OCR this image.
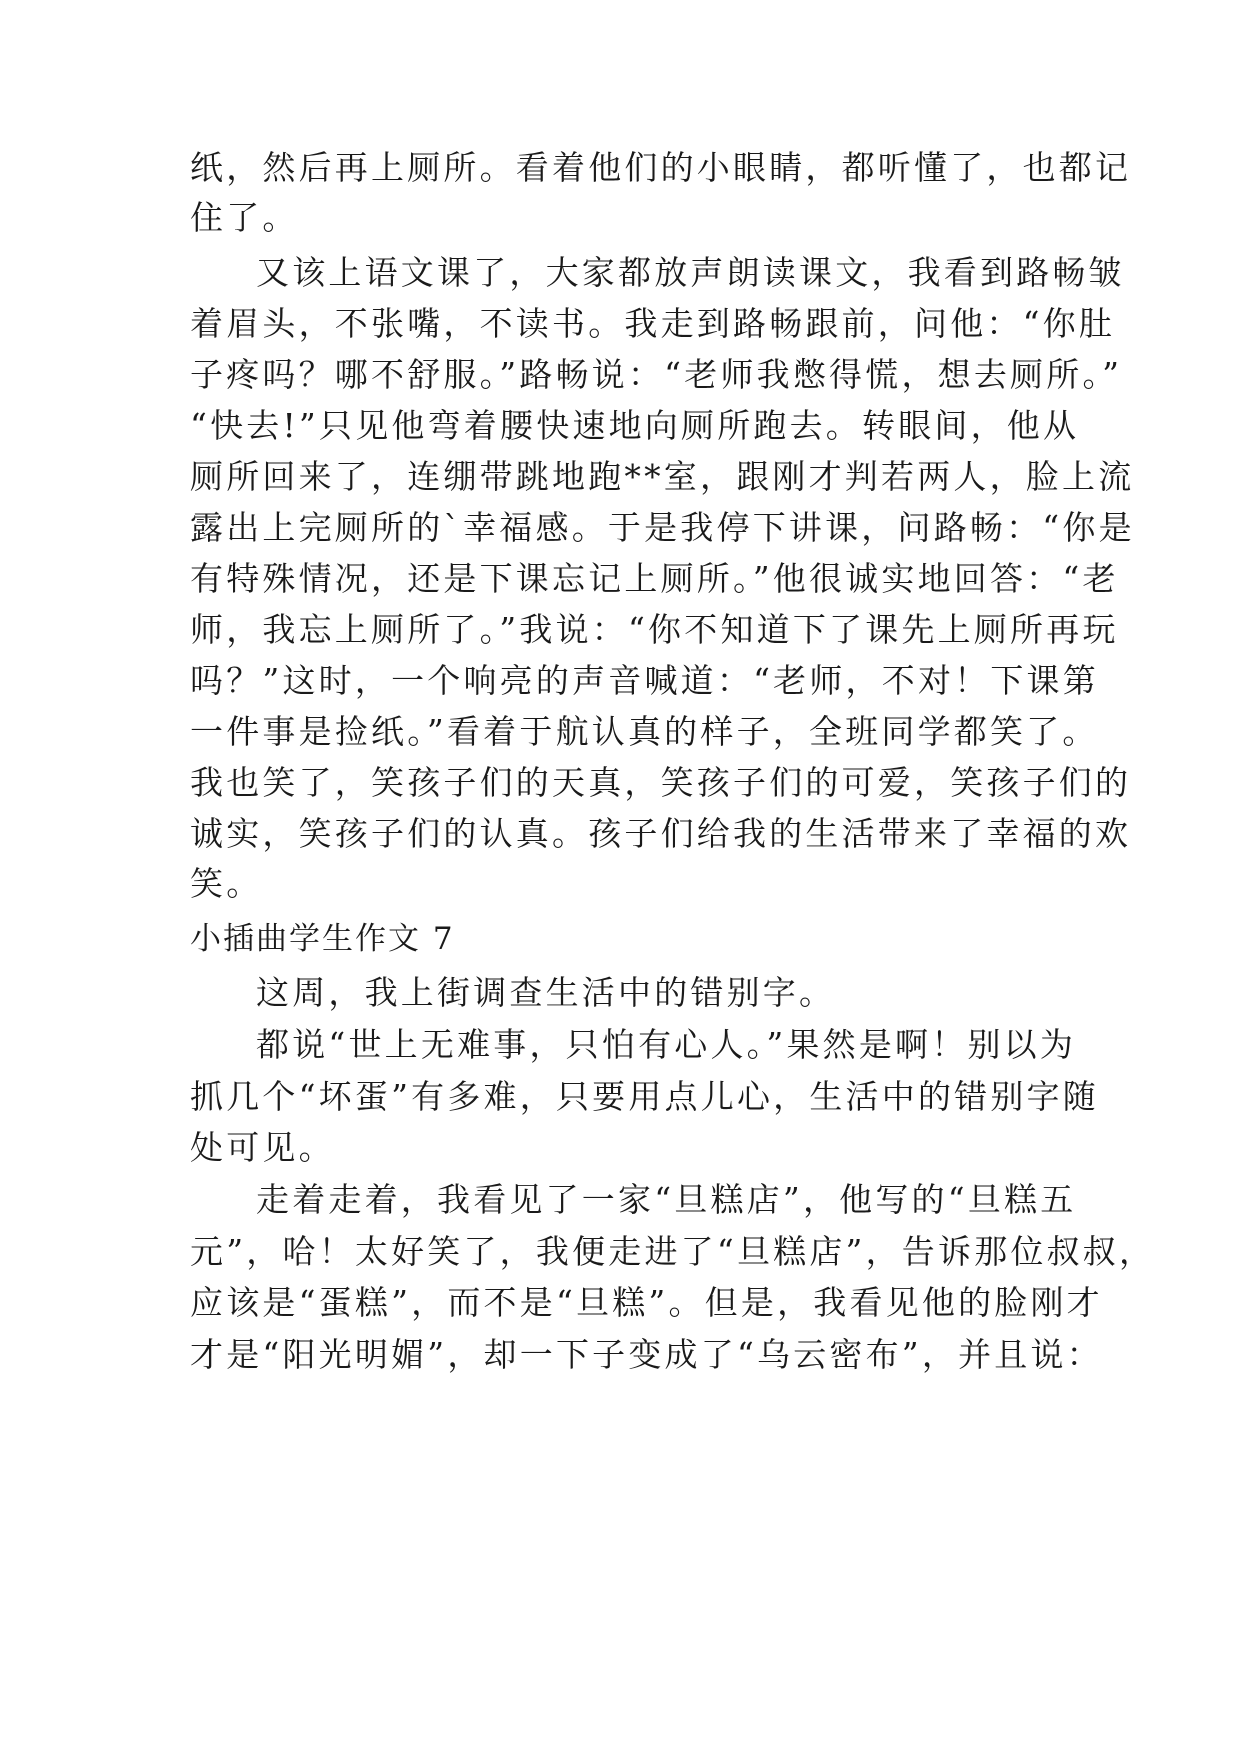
纸，然后再上厕所。看着他们的小眼睛，都听懂了，也都记
住了。
又该上语文课了，大家都放声朗读课文，我看到路畅皱
着眉头，不张嘴，不读书。我走到路畅跟前，问他：“你肚
子疼吗？哪不舒服。”路畅说：“老师我憋得慌，想去厕所。”
“快去!”只见他弯着腰快速地向厕所跑去。转眼间，他从
厕所回来了，连绷带跳地跑**室，跟刚才判若两人，脸上流
露出上完厕所的`幸福感。于是我停下讲课，问路畅：“你是
有特殊情况，还是下课忘记上厕所。”他很诚实地回答：“老
师，我忘上厕所了。”我说：“你不知道下了课先上厕所再玩
吗？”这时，一个响亮的声音喊道：“老师，不对！下课第
一件事是捡纸。”看着于航认真的样子，全班同学都笑了。
我也笑了，笑孩子们的天真，笑孩子们的可爱，笑孩子们的
诚实，笑孩子们的认真。孩子们给我的生活带来了幸福的欢
笑。
小插曲学生作文 7
这周，我上街调查生活中的错别字。
都说“世上无难事，只怕有心人。”果然是啊！别以为
抓几个“坏蛋”有多难，只要用点儿心，生活中的错别字随
处可见。
走着走着，我看见了一家“旦糕店”，他写的“旦糕五
元”，哈！太好笑了，我便走进了“旦糕店”，告诉那位叔叔，
应该是“蛋糕”，而不是“旦糕”。但是，我看见他的脸刚才
才是“阳光明媚”，却一下子变成了“乌云密布”，并且说：
